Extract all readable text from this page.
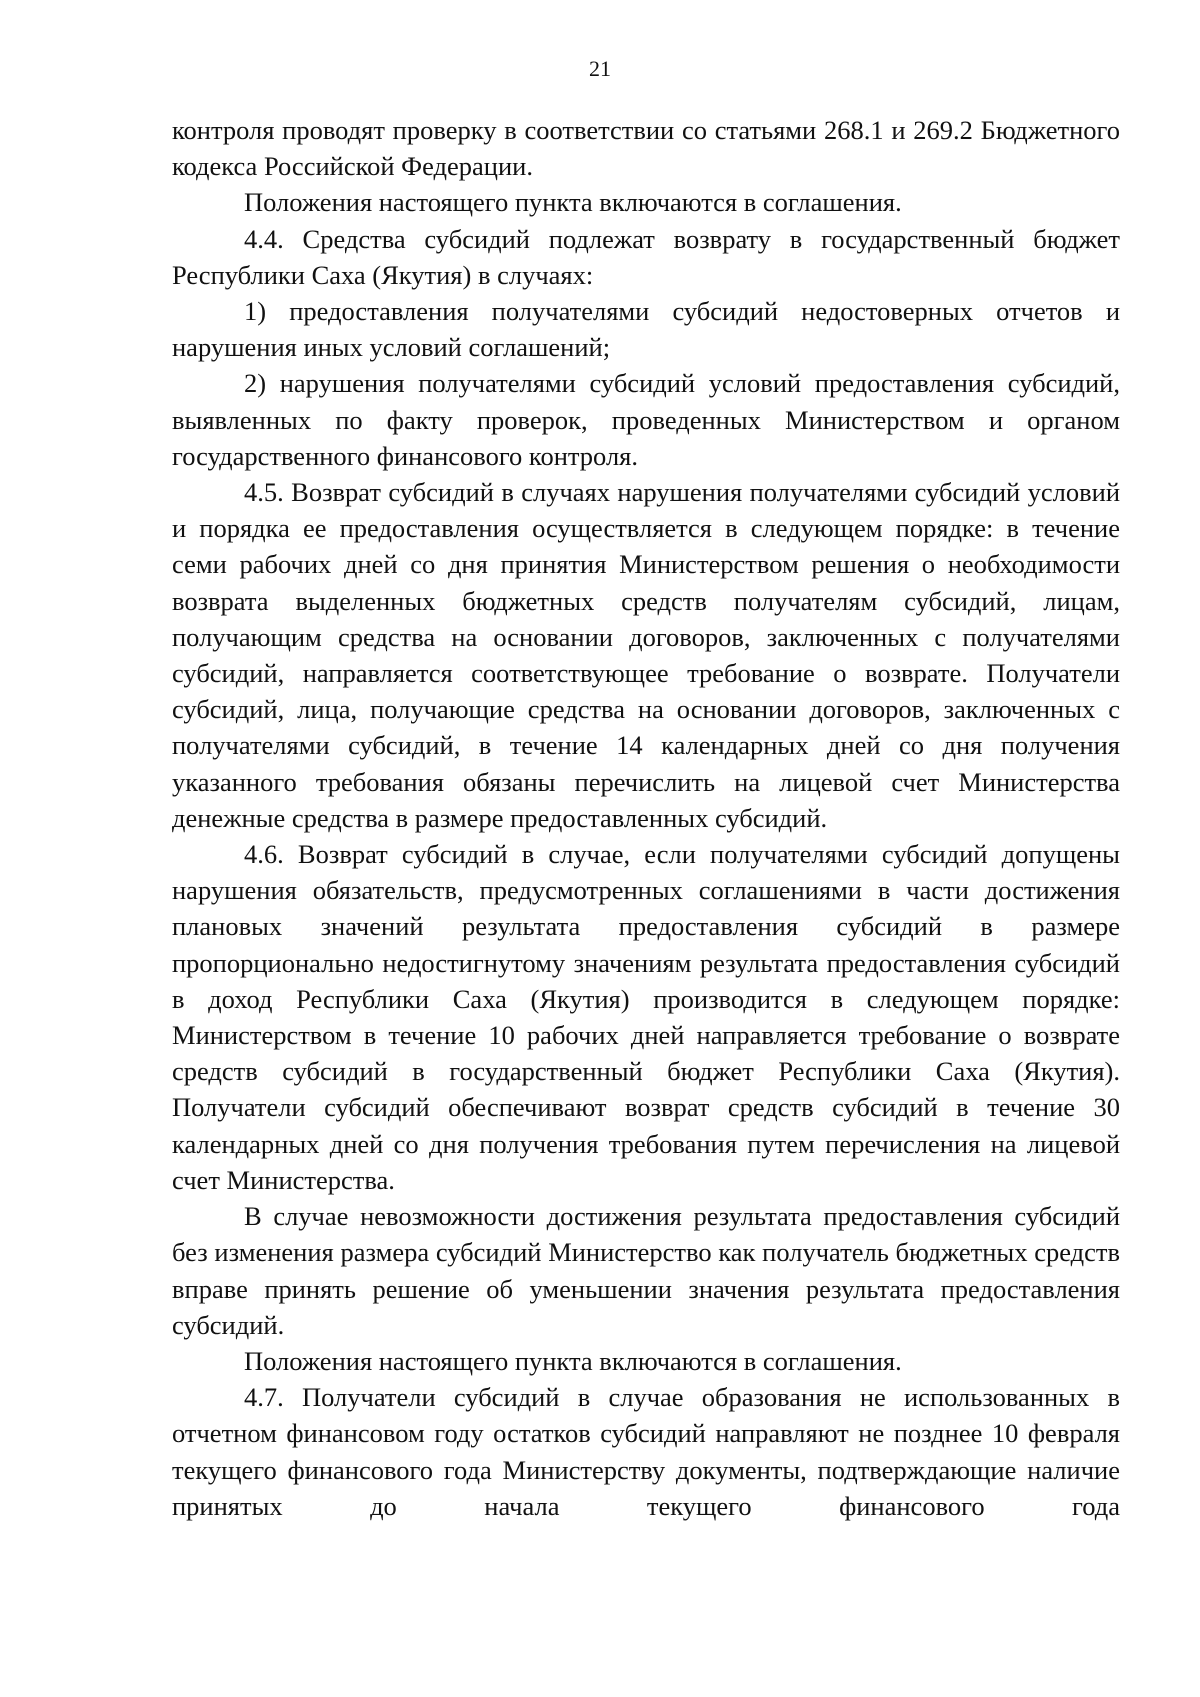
21

контроля проводят проверку в соответствии со статьями 268.1 и 269.2 Бюджетного кодекса Российской Федерации.

Положения настоящего пункта включаются в соглашения.

4.4. Средства субсидий подлежат возврату в государственный бюджет Республики Саха (Якутия) в случаях:

1) предоставления получателями субсидий недостоверных отчетов и нарушения иных условий соглашений;

2) нарушения получателями субсидий условий предоставления субсидий, выявленных по факту проверок, проведенных Министерством и органом государственного финансового контроля.

4.5. Возврат субсидий в случаях нарушения получателями субсидий условий и порядка ее предоставления осуществляется в следующем порядке: в течение семи рабочих дней со дня принятия Министерством решения о необходимости возврата выделенных бюджетных средств получателям субсидий, лицам, получающим средства на основании договоров, заключенных с получателями субсидий, направляется соответствующее требование о возврате. Получатели субсидий, лица, получающие средства на основании договоров, заключенных с получателями субсидий, в течение 14 календарных дней со дня получения указанного требования обязаны перечислить на лицевой счет Министерства денежные средства в размере предоставленных субсидий.

4.6. Возврат субсидий в случае, если получателями субсидий допущены нарушения обязательств, предусмотренных соглашениями в части достижения плановых значений результата предоставления субсидий в размере пропорционально недостигнутому значениям результата предоставления субсидий в доход Республики Саха (Якутия) производится в следующем порядке: Министерством в течение 10 рабочих дней направляется требование о возврате средств субсидий в государственный бюджет Республики Саха (Якутия). Получатели субсидий обеспечивают возврат средств субсидий в течение 30 календарных дней со дня получения требования путем перечисления на лицевой счет Министерства.

В случае невозможности достижения результата предоставления субсидий без изменения размера субсидий Министерство как получатель бюджетных средств вправе принять решение об уменьшении значения результата предоставления субсидий.

Положения настоящего пункта включаются в соглашения.

4.7. Получатели субсидий в случае образования не использованных в отчетном финансовом году остатков субсидий направляют не позднее 10 февраля текущего финансового года Министерству документы, подтверждающие наличие принятых до начала текущего финансового года
